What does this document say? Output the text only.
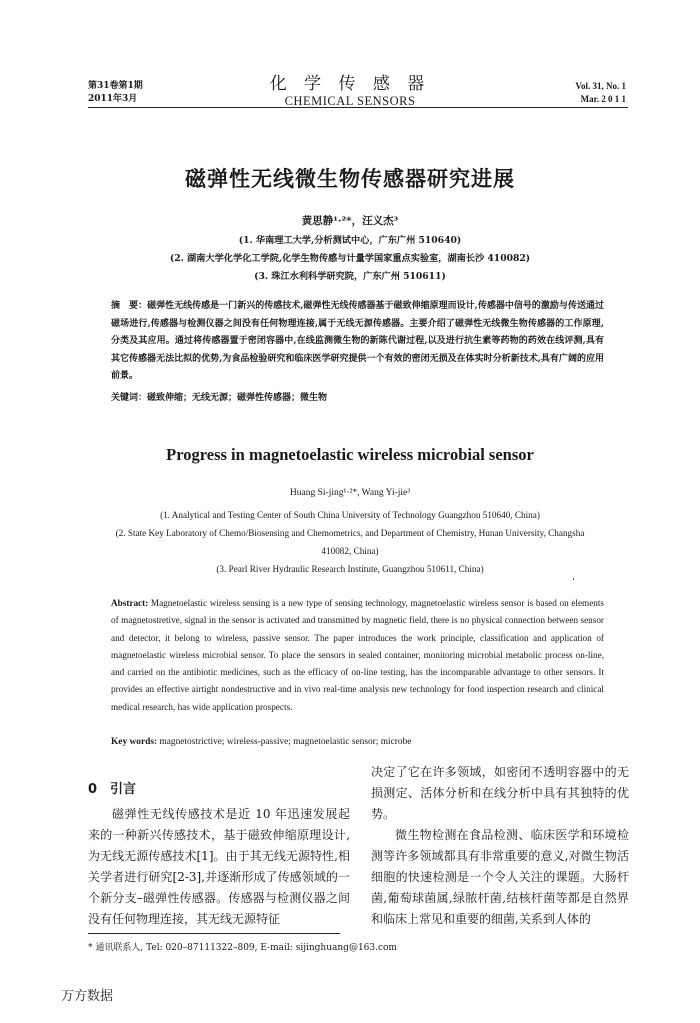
第31卷第1期
2011年3月
化 学 传 感 器
CHEMICAL SENSORS
Vol. 31, No. 1
Mar. 2 0 1 1
磁弹性无线微生物传感器研究进展
黄思静¹·²*，汪义杰³
(1. 华南理工大学,分析测试中心，广东广州 510640)
(2. 湖南大学化学化工学院,化学生物传感与计量学国家重点实验室，湖南长沙 410082)
(3. 珠江水利科学研究院，广东广州 510611)
摘　要：磁弹性无线传感是一门新兴的传感技术,磁弹性无线传感器基于磁致伸缩原理而设计,传感器中信号的激励与传送通过磁场进行,传感器与检测仪器之间没有任何物理连接,属于无线无源传感器。主要介绍了磁弹性无线微生物传感器的工作原理,分类及其应用。通过将传感器置于密闭容器中,在线监测微生物的新陈代谢过程,以及进行抗生素等药物的药效在线评测,具有其它传感器无法比拟的优势,为食品检验研究和临床医学研究提供一个有效的密闭无损及在体实时分析新技术,具有广阔的应用前景。
关键词：磁致伸缩；无线无源；磁弹性传感器；微生物
Progress in magnetoelastic wireless microbial sensor
Huang Si-jing¹·²*, Wang Yi-jie³
(1. Analytical and Testing Center of South China University of Technology Guangzhou 510640, China)
(2. State Key Laboratory of Chemo/Biosensing and Chemometrics, and Department of Chemistry, Hunan University, Changsha 410082, China)
(3. Pearl River Hydraulic Research Institute, Guangzhou 510611, China)
Abstract: Magnetoelastic wireless sensing is a new type of sensing technology, magnetoelastic wireless sensor is based on elements of magnetostretive, signal in the sensor is activated and transmitted by magnetic field, there is no physical connection between sensor and detector, it belong to wireless, passive sensor. The paper introduces the work principle, classification and application of magnetoelastic wireless microbial sensor. To place the sensors in sealed container, monitoring microbial metabolic process on-line, and carried on the antibiotic medicines, such as the efficacy of on-line testing, has the incomparable advantage to other sensors. It provides an effective airtight nondestructive and in vivo real-time analysis new technology for food inspection research and clinical medical research, has wide application prospects.
Key words: magnetostrictive; wireless-passive; magnetoelastic sensor; microbe
0　引言

磁弹性无线传感技术是近 10 年迅速发展起来的一种新兴传感技术，基于磁致伸缩原理设计,为无线无源传感技术[1]。由于其无线无源特性,相关学者进行研究[2-3],并逐渐形成了传感领域的一个新分支–磁弹性传感器。传感器与检测仪器之间没有任何物理连接，其无线无源特征

决定了它在许多领域，如密闭不透明容器中的无损测定、活体分析和在线分析中具有其独特的优势。

微生物检测在食品检测、临床医学和环境检测等许多领域都具有非常重要的意义,对微生物活细胞的快速检测是一个令人关注的课题。大肠杆菌,葡萄球菌属,绿脓杆菌,结核杆菌等都是自然界和临床上常见和重要的细菌,关系到人体的

* 通讯联系人, Tel: 020–87111322–809, E-mail: sijinghuang@163.com
万方数据
